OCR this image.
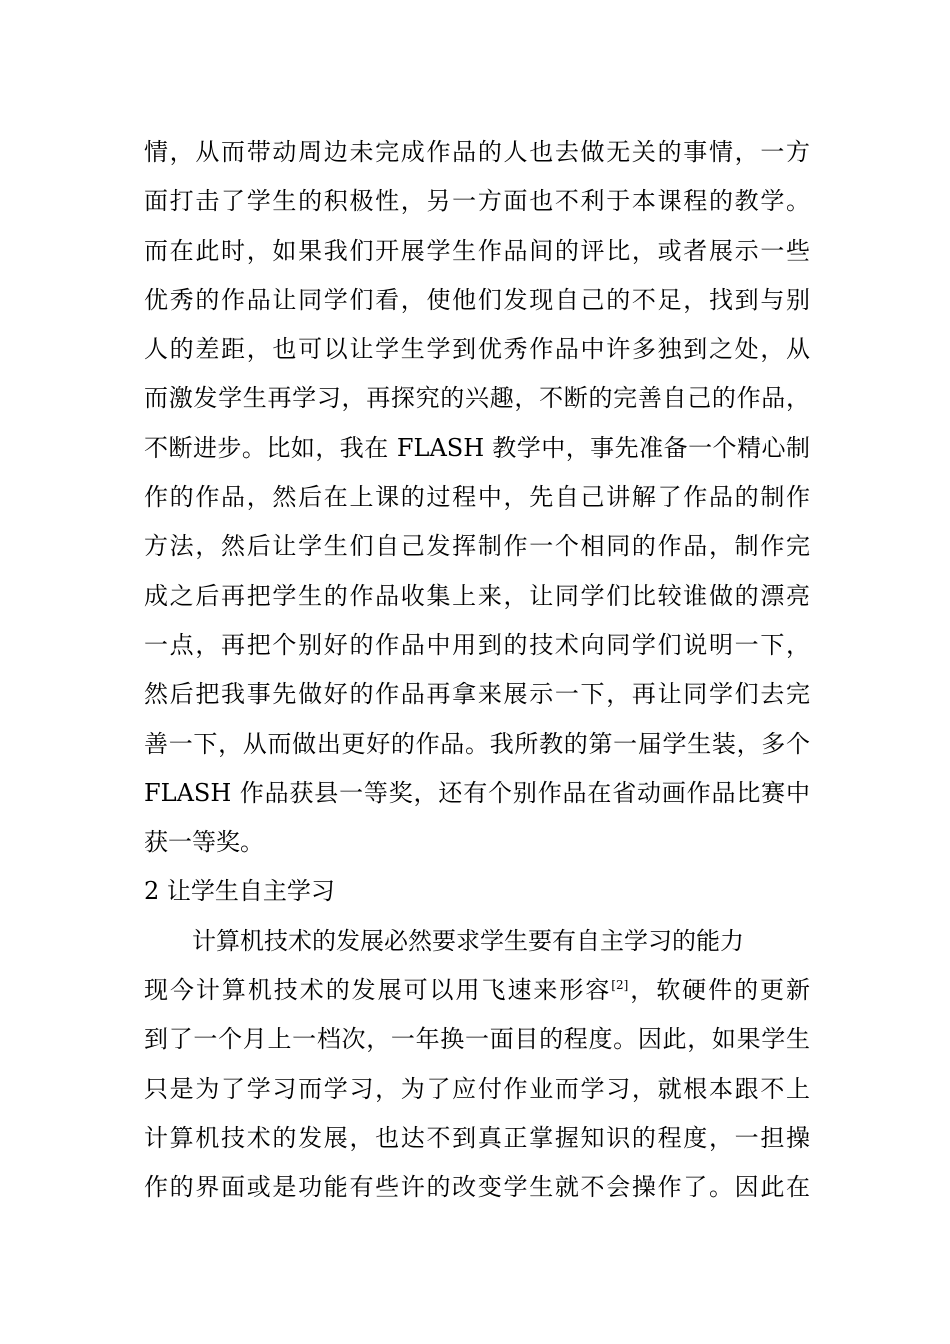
情，从而带动周边未完成作品的人也去做无关的事情，一方
面打击了学生的积极性，另一方面也不利于本课程的教学。
而在此时，如果我们开展学生作品间的评比，或者展示一些
优秀的作品让同学们看，使他们发现自己的不足，找到与别
人的差距，也可以让学生学到优秀作品中许多独到之处，从
而激发学生再学习，再探究的兴趣，不断的完善自己的作品，
不断进步。比如，我在 FLASH 教学中，事先准备一个精心制
作的作品，然后在上课的过程中，先自己讲解了作品的制作
方法，然后让学生们自己发挥制作一个相同的作品，制作完
成之后再把学生的作品收集上来，让同学们比较谁做的漂亮
一点，再把个别好的作品中用到的技术向同学们说明一下，
然后把我事先做好的作品再拿来展示一下，再让同学们去完
善一下，从而做出更好的作品。我所教的第一届学生装，多个
FLASH 作品获县一等奖，还有个别作品在省动画作品比赛中
获一等奖。
2 让学生自主学习
计算机技术的发展必然要求学生要有自主学习的能力
现今计算机技术的发展可以用飞速来形容[2]，软硬件的更新
到了一个月上一档次，一年换一面目的程度。因此，如果学生
只是为了学习而学习，为了应付作业而学习，就根本跟不上
计算机技术的发展，也达不到真正掌握知识的程度，一担操
作的界面或是功能有些许的改变学生就不会操作了。因此在
